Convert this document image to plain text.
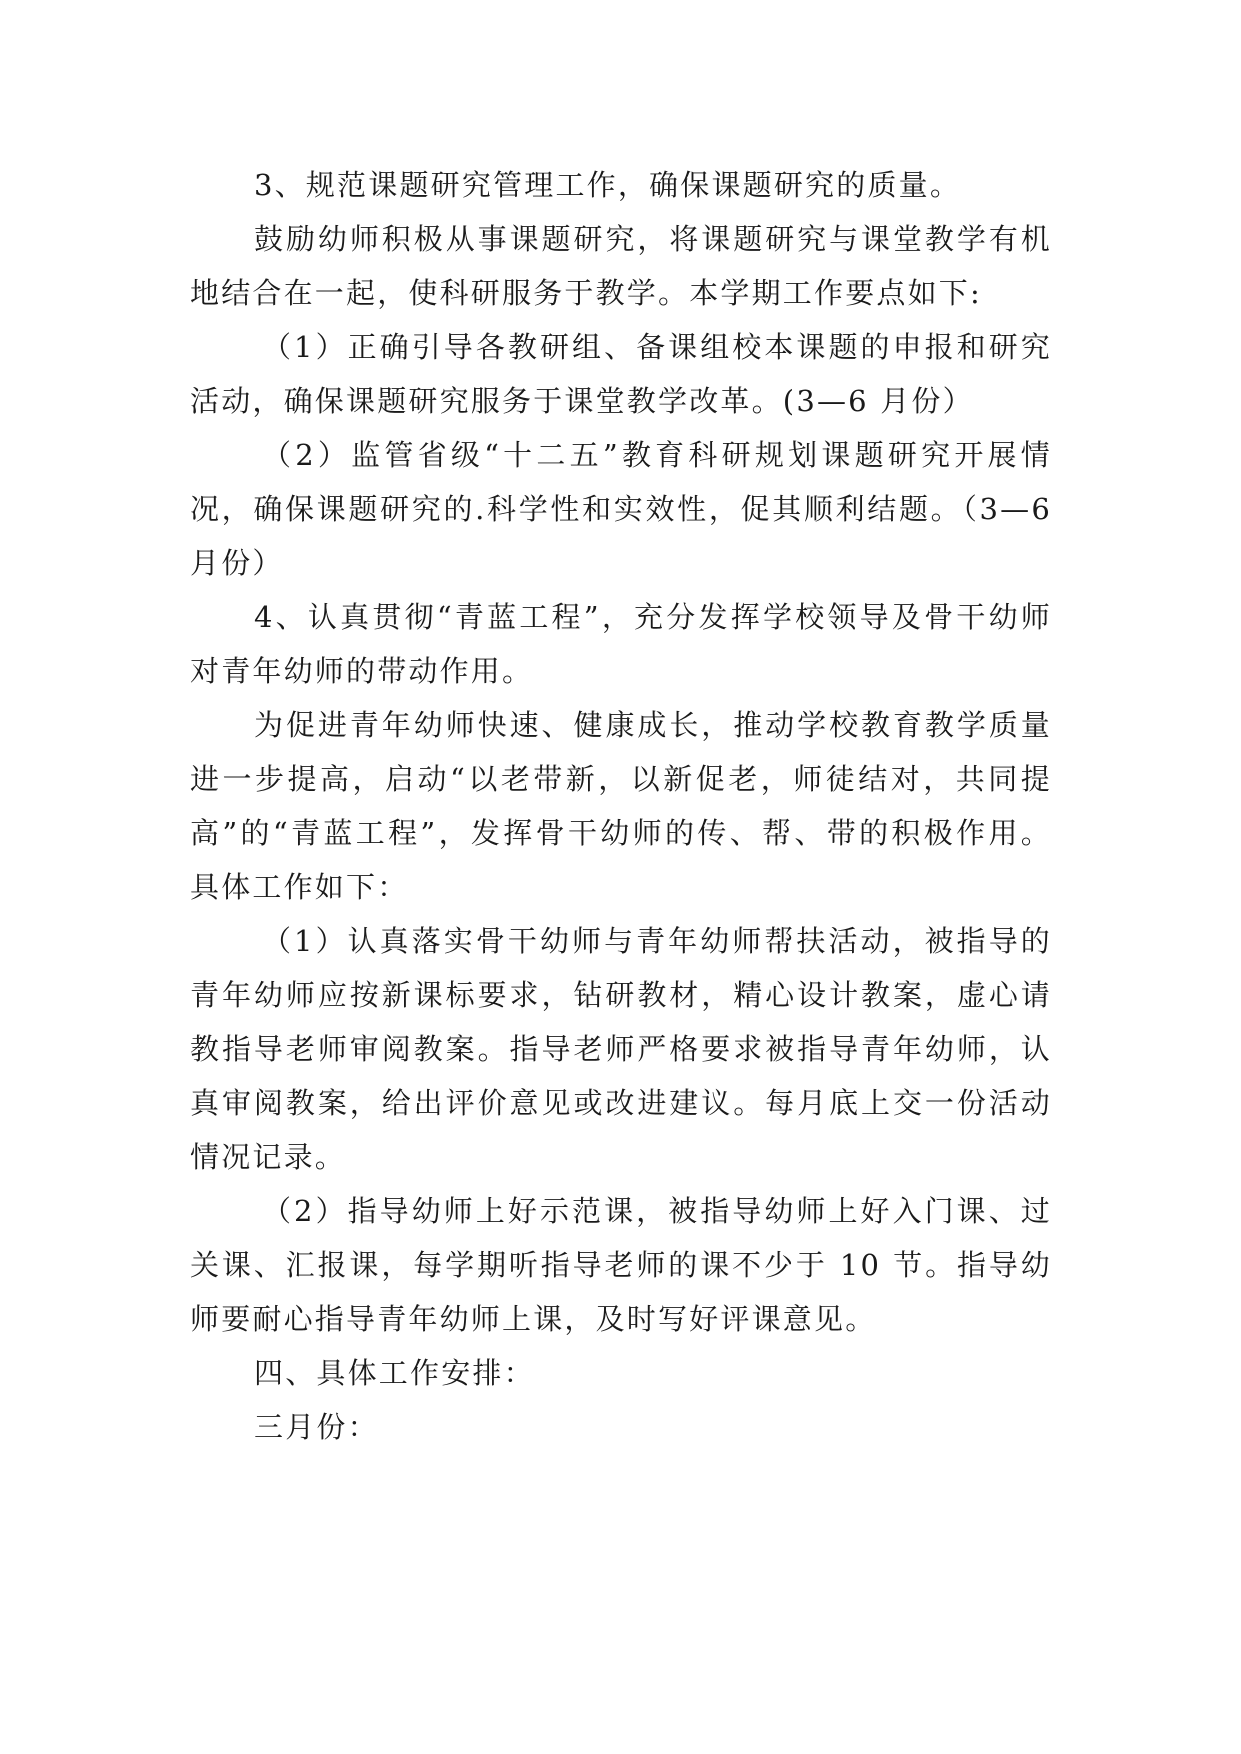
3、规范课题研究管理工作，确保课题研究的质量。

鼓励幼师积极从事课题研究，将课题研究与课堂教学有机地结合在一起，使科研服务于教学。本学期工作要点如下:

（1）正确引导各教研组、备课组校本课题的申报和研究活动，确保课题研究服务于课堂教学改革。(3—6 月份）

（2）监管省级“十二五”教育科研规划课题研究开展情况，确保课题研究的.科学性和实效性，促其顺利结题。（3—6 月份）

4、认真贯彻“青蓝工程”，充分发挥学校领导及骨干幼师对青年幼师的带动作用。

为促进青年幼师快速、健康成长，推动学校教育教学质量进一步提高，启动“以老带新，以新促老，师徒结对，共同提高”的“青蓝工程”，发挥骨干幼师的传、帮、带的积极作用。具体工作如下：

（1）认真落实骨干幼师与青年幼师帮扶活动，被指导的青年幼师应按新课标要求，钻研教材，精心设计教案，虚心请教指导老师审阅教案。指导老师严格要求被指导青年幼师，认真审阅教案，给出评价意见或改进建议。每月底上交一份活动情况记录。

（2）指导幼师上好示范课，被指导幼师上好入门课、过关课、汇报课，每学期听指导老师的课不少于 10 节。指导幼师要耐心指导青年幼师上课，及时写好评课意见。

四、具体工作安排：

三月份：
